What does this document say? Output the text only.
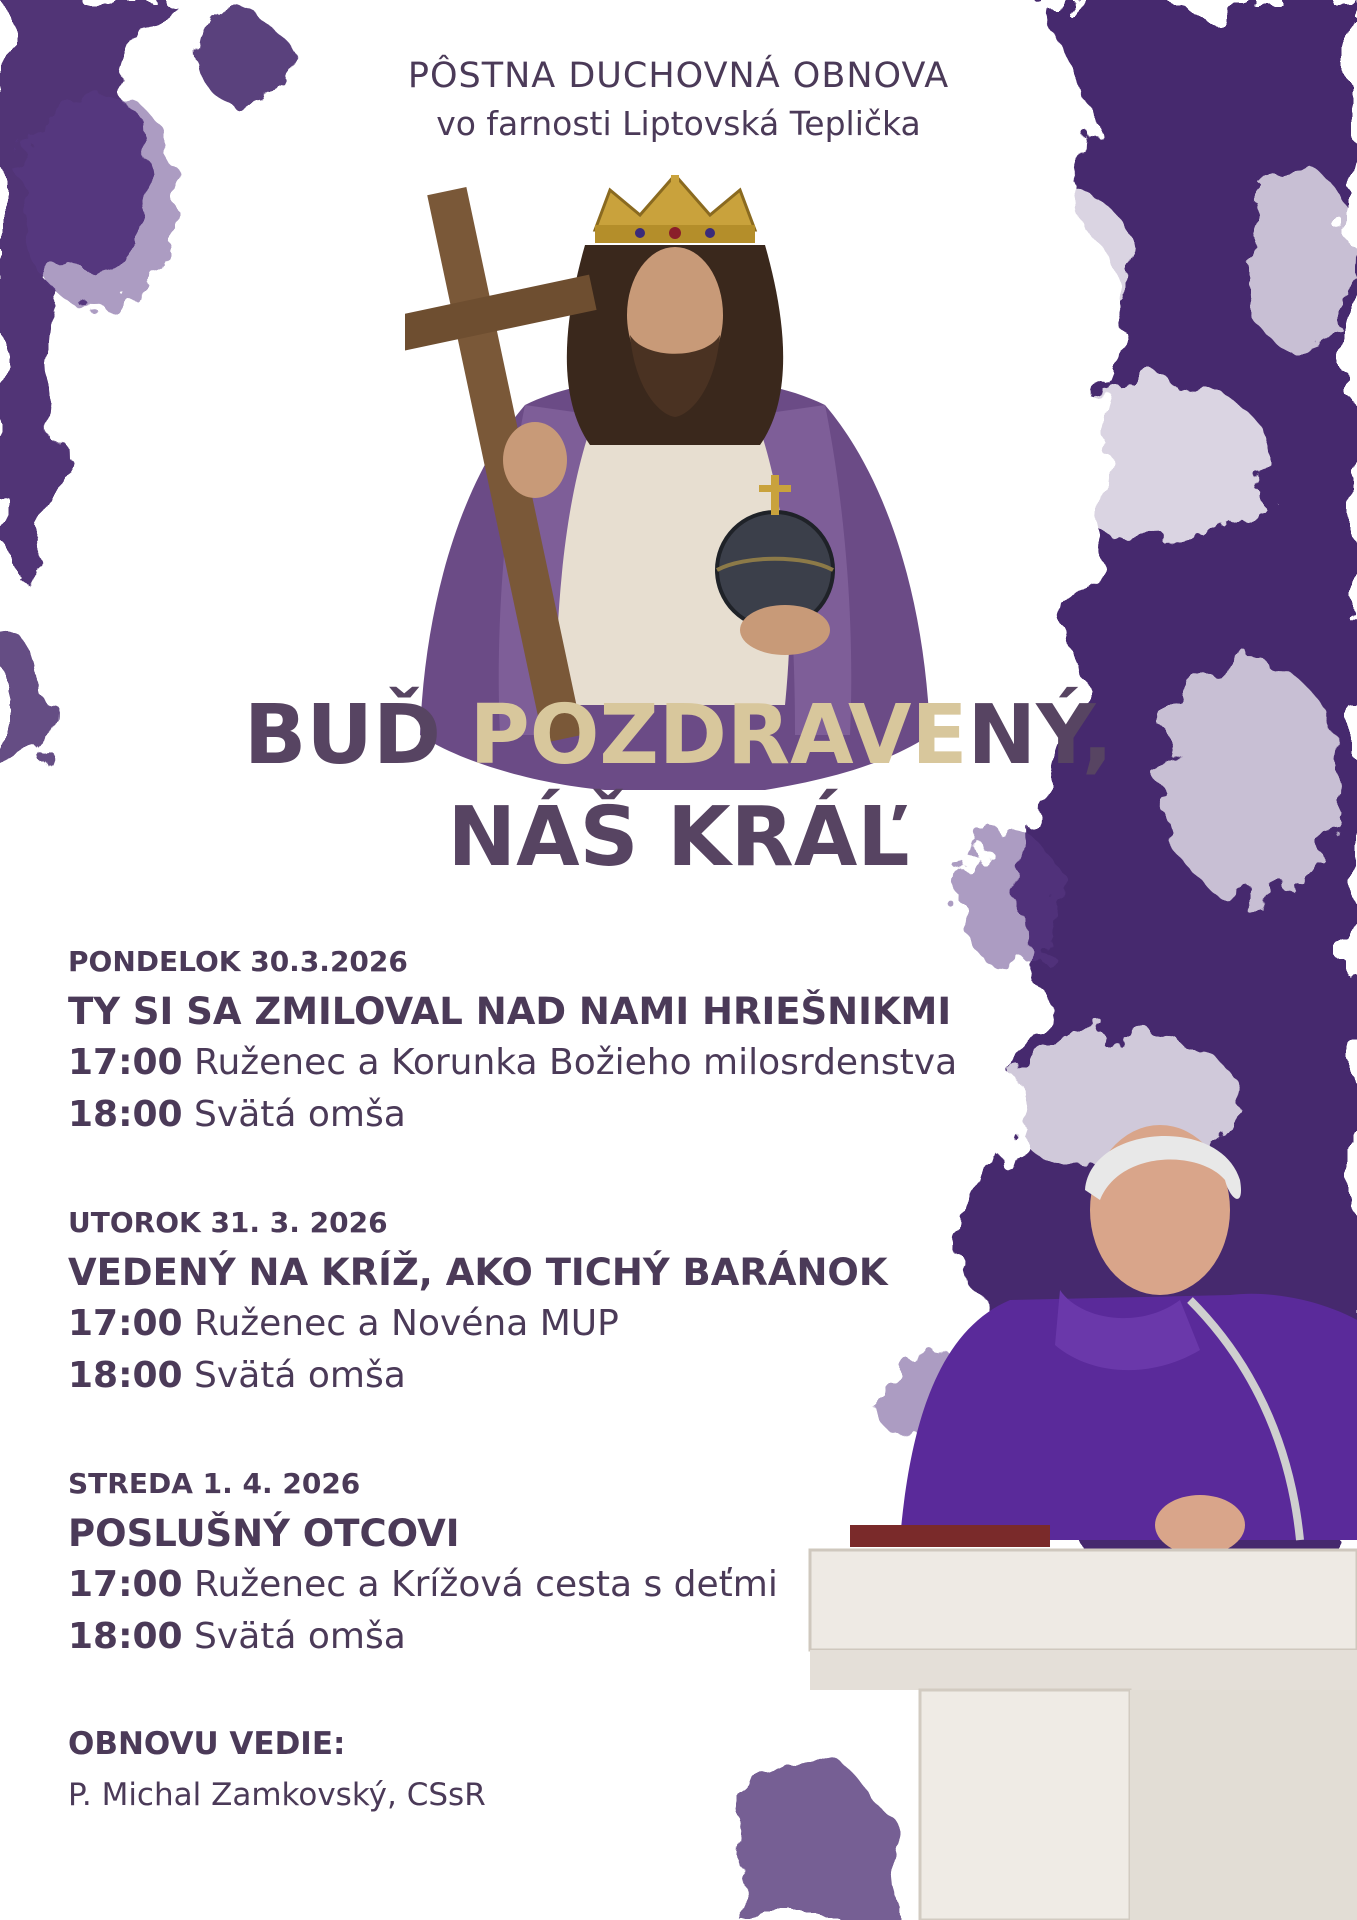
PÔSTNA DUCHOVNÁ OBNOVA
vo farnosti Liptovská Teplička
BUĎ POZDRAVENÝ,
NÁŠ KRÁĽ
PONDELOK 30.3.2026
TY SI SA ZMILOVAL NAD NAMI HRIEŠNIKMI
17:00 Ruženec a Korunka Božieho milosrdenstva
18:00 Svätá omša
UTOROK 31. 3. 2026
VEDENÝ NA KRÍŽ, AKO TICHÝ BARÁNOK
17:00 Ruženec a Novéna MUP
18:00 Svätá omša
STREDA 1. 4. 2026
POSLUŠNÝ OTCOVI
17:00 Ruženec a Krížová cesta s deťmi
18:00 Svätá omša
OBNOVU VEDIE:
P. Michal Zamkovský, CSsR
